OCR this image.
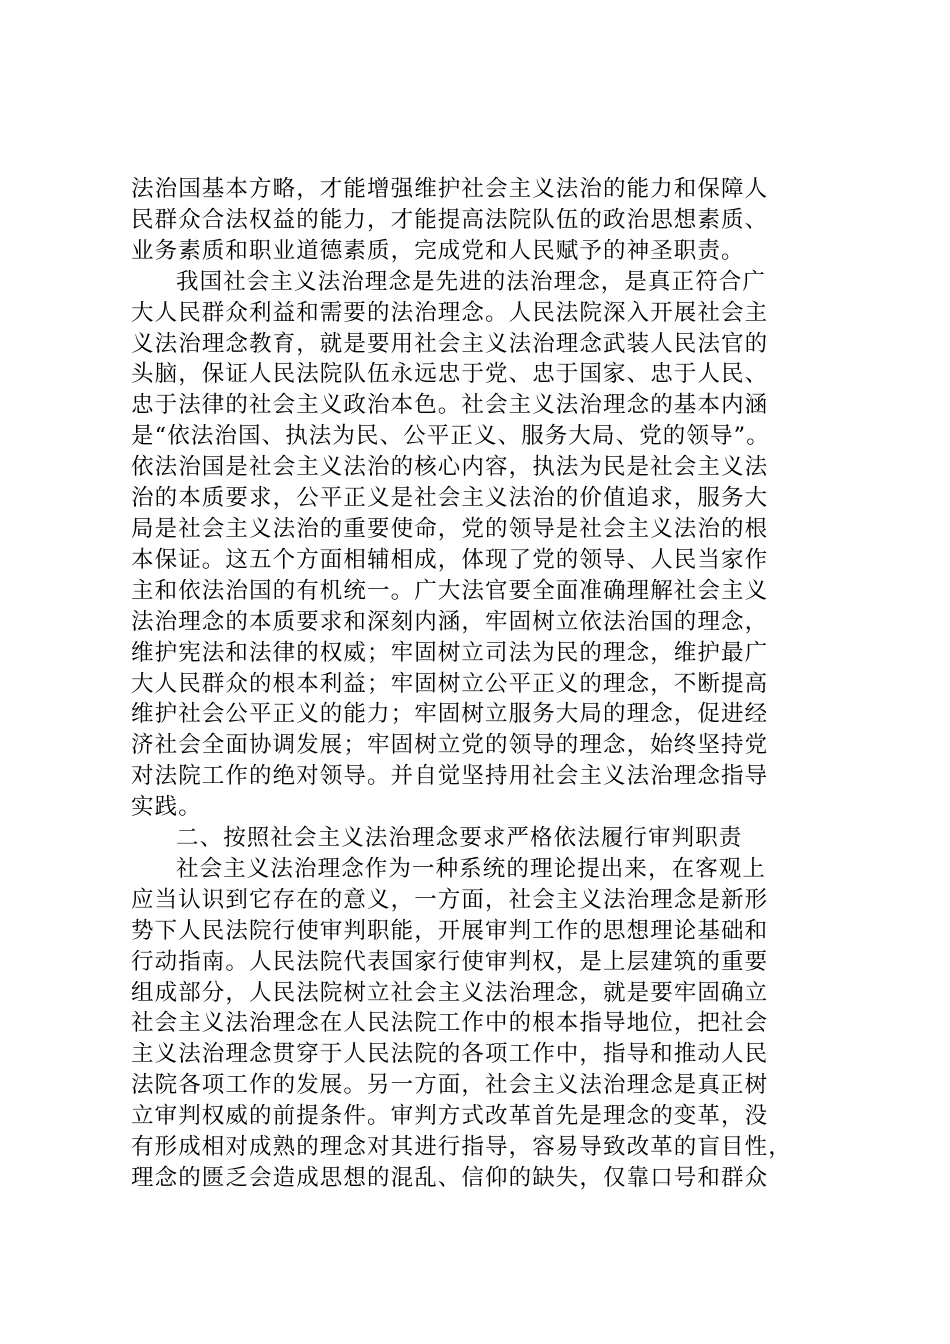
法治国基本方略，才能增强维护社会主义法治的能力和保障人
民群众合法权益的能力，才能提高法院队伍的政治思想素质、
业务素质和职业道德素质，完成党和人民赋予的神圣职责。
我国社会主义法治理念是先进的法治理念，是真正符合广
大人民群众利益和需要的法治理念。人民法院深入开展社会主
义法治理念教育，就是要用社会主义法治理念武装人民法官的
头脑，保证人民法院队伍永远忠于党、忠于国家、忠于人民、
忠于法律的社会主义政治本色。社会主义法治理念的基本内涵
是“依法治国、执法为民、公平正义、服务大局、党的领导”。
依法治国是社会主义法治的核心内容，执法为民是社会主义法
治的本质要求，公平正义是社会主义法治的价值追求，服务大
局是社会主义法治的重要使命，党的领导是社会主义法治的根
本保证。这五个方面相辅相成，体现了党的领导、人民当家作
主和依法治国的有机统一。广大法官要全面准确理解社会主义
法治理念的本质要求和深刻内涵，牢固树立依法治国的理念，
维护宪法和法律的权威；牢固树立司法为民的理念，维护最广
大人民群众的根本利益；牢固树立公平正义的理念，不断提高
维护社会公平正义的能力；牢固树立服务大局的理念，促进经
济社会全面协调发展；牢固树立党的领导的理念，始终坚持党
对法院工作的绝对领导。并自觉坚持用社会主义法治理念指导
实践。
二、按照社会主义法治理念要求严格依法履行审判职责
社会主义法治理念作为一种系统的理论提出来，在客观上
应当认识到它存在的意义，一方面，社会主义法治理念是新形
势下人民法院行使审判职能，开展审判工作的思想理论基础和
行动指南。人民法院代表国家行使审判权，是上层建筑的重要
组成部分，人民法院树立社会主义法治理念，就是要牢固确立
社会主义法治理念在人民法院工作中的根本指导地位，把社会
主义法治理念贯穿于人民法院的各项工作中，指导和推动人民
法院各项工作的发展。另一方面，社会主义法治理念是真正树
立审判权威的前提条件。审判方式改革首先是理念的变革，没
有形成相对成熟的理念对其进行指导，容易导致改革的盲目性，
理念的匮乏会造成思想的混乱、信仰的缺失，仅靠口号和群众
